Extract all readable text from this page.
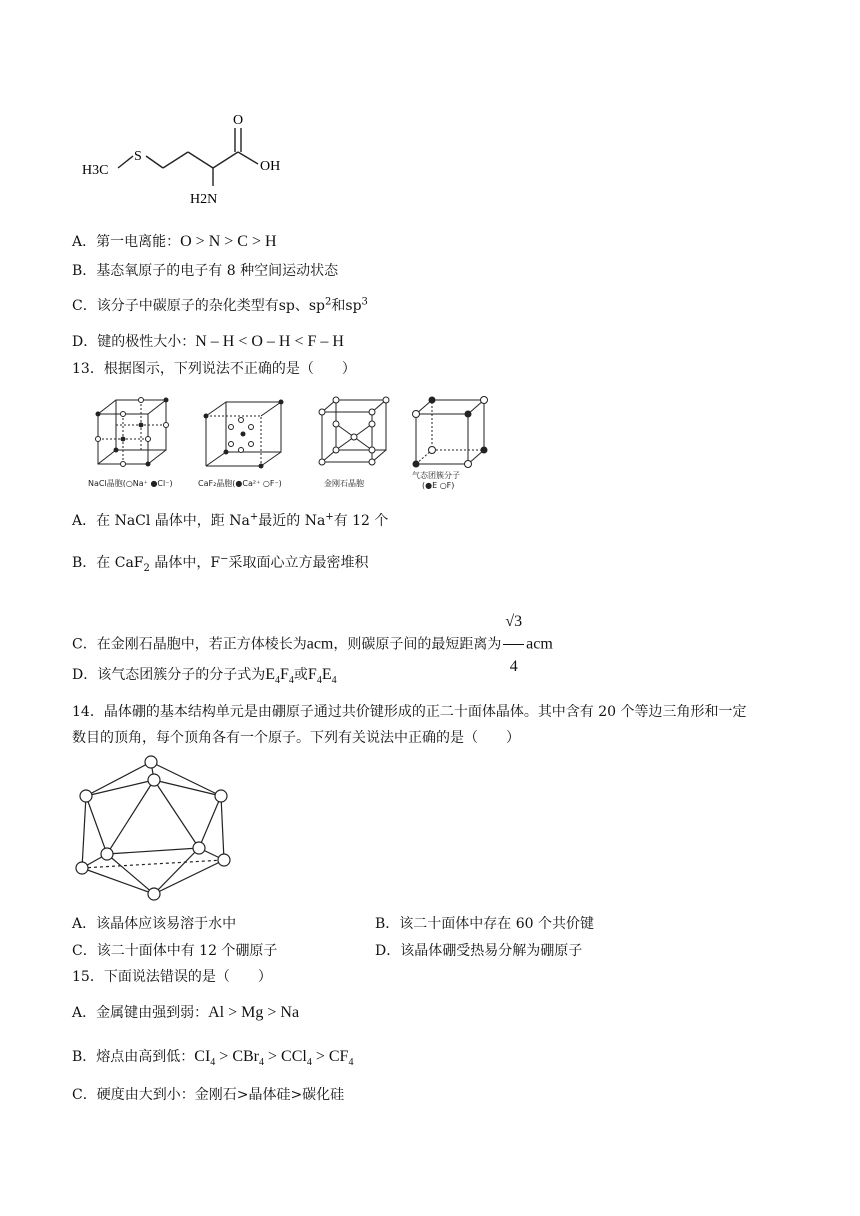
H3C
S
O
OH
H2N
A．第一电离能：O > N > C > H
B．基态氧原子的电子有 8 种空间运动状态
C．该分子中碳原子的杂化类型有sp、$sp^2$和$sp^3$
D．键的极性大小：N – H < O – H < F – H
13．根据图示，下列说法不正确的是（　　）
NaCl晶胞(○Na⁺ ●Cl⁻)	CaF₂晶胞(●Ca²⁺ ○F⁻)	金刚石晶胞
气态团簇分子
(●E ○F)
A．在 NaCl 晶体中，距 Na+最近的 Na+有 12 个
B．在 CaF$_2$ 晶体中，F−采取面心立方最密堆积
C．在金刚石晶胞中，若正方体棱长为acm，则碳原子间的最短距离为 $\frac{√3}{4}$ acm
D．该气态团簇分子的分子式为$E_4F_4$或$F_4E_4$
14．晶体硼的基本结构单元是由硼原子通过共价键形成的正二十面体晶体。其中含有 20 个等边三角形和一定
数目的顶角，每个顶角各有一个原子。下列有关说法中正确的是（　　）
A．该晶体应该易溶于水中	B．该二十面体中存在 60 个共价键
C．该二十面体中有 12 个硼原子	D．该晶体硼受热易分解为硼原子
15．下面说法错误的是（　　）
A．金属键由强到弱：Al > Mg > Na
B．熔点由高到低：$CI_4 > CBr_4 > CCl_4 > CF_4$
C．硬度由大到小：金刚石>晶体硅>碳化硅
